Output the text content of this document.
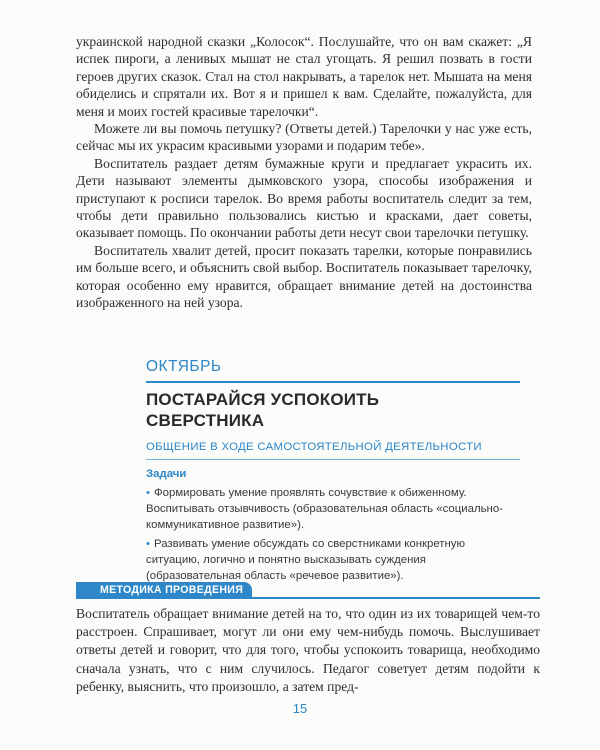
украинской народной сказки „Колосок“. Послушайте, что он вам скажет: „Я испек пироги, а ленивых мышат не стал угощать. Я решил позвать в гости героев других сказок. Стал на стол накрывать, а тарелок нет. Мышата на меня обиделись и спрятали их. Вот я и пришел к вам. Сделайте, пожалуйста, для меня и моих гостей красивые тарелочки“.

Можете ли вы помочь петушку? (Ответы детей.) Тарелочки у нас уже есть, сейчас мы их украсим красивыми узорами и подарим тебе».

Воспитатель раздает детям бумажные круги и предлагает украсить их. Дети называют элементы дымковского узора, способы изображения и приступают к росписи тарелок. Во время работы воспитатель следит за тем, чтобы дети правильно пользовались кистью и красками, дает советы, оказывает помощь. По окончании работы дети несут свои тарелочки петушку.

Воспитатель хвалит детей, просит показать тарелки, которые понравились им больше всего, и объяснить свой выбор. Воспитатель показывает тарелочку, которая особенно ему нравится, обращает внимание детей на достоинства изображенного на ней узора.

ОКТЯБРЬ
ПОСТАРАЙСЯ УСПОКОИТЬ
СВЕРСТНИКА
ОБЩЕНИЕ В ХОДЕ САМОСТОЯТЕЛЬНОЙ ДЕЯТЕЛЬНОСТИ
Задачи
• Формировать умение проявлять сочувствие к обиженному. Воспитывать отзывчивость (образовательная область «социально-коммуникативное развитие»).
• Развивать умение обсуждать со сверстниками конкретную ситуацию, логично и понятно высказывать суждения (образовательная область «речевое развитие»).
МЕТОДИКА ПРОВЕДЕНИЯ

Воспитатель обращает внимание детей на то, что один из их товарищей чем-то расстроен. Спрашивает, могут ли они ему чем-нибудь помочь. Выслушивает ответы детей и говорит, что для того, чтобы успокоить товарища, необходимо сначала узнать, что с ним случилось. Педагог советует детям подойти к ребенку, выяснить, что произошло, а затем пред-

15
